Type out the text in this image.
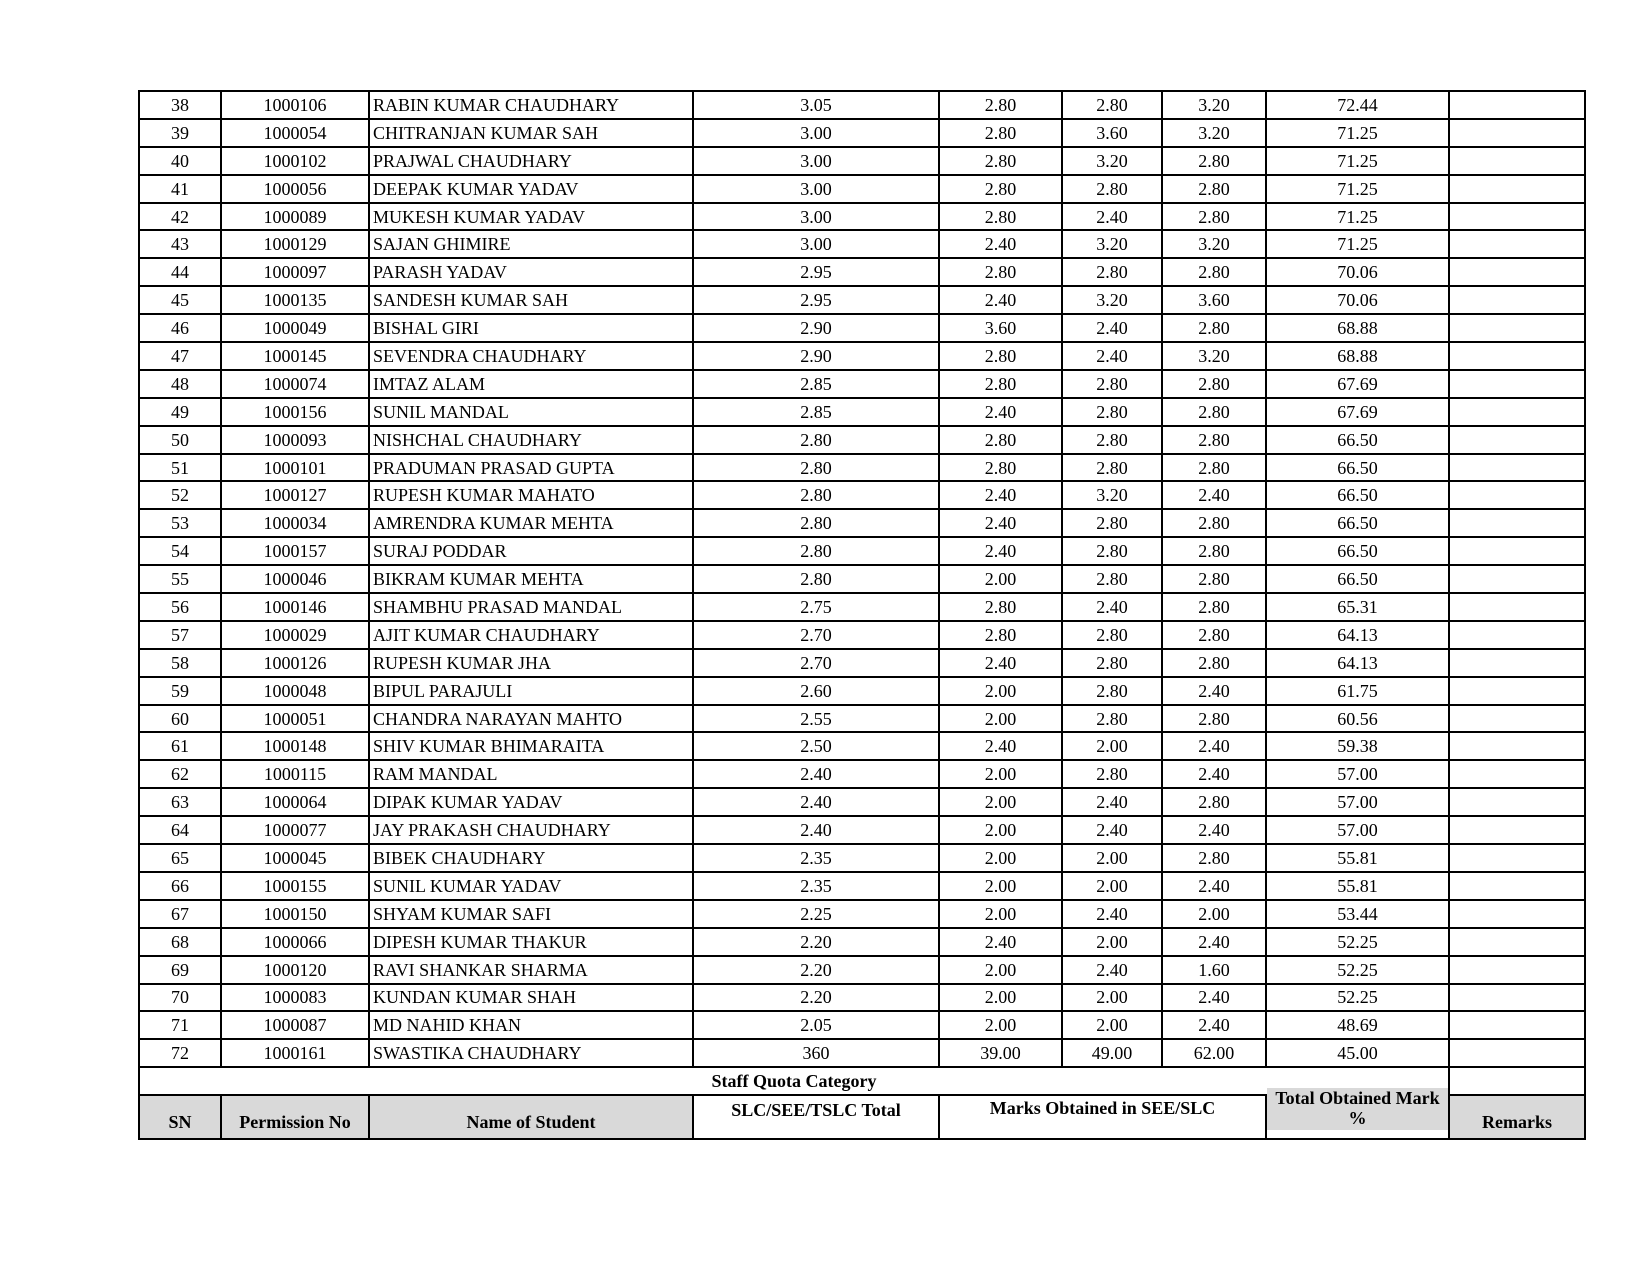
38	1000106	RABIN KUMAR CHAUDHARY	3.05	2.80	2.80	3.20	72.44	
39	1000054	CHITRANJAN KUMAR SAH	3.00	2.80	3.60	3.20	71.25	
40	1000102	PRAJWAL CHAUDHARY	3.00	2.80	3.20	2.80	71.25	
41	1000056	DEEPAK KUMAR YADAV	3.00	2.80	2.80	2.80	71.25	
42	1000089	MUKESH KUMAR YADAV	3.00	2.80	2.40	2.80	71.25	
43	1000129	SAJAN GHIMIRE	3.00	2.40	3.20	3.20	71.25	
44	1000097	PARASH YADAV	2.95	2.80	2.80	2.80	70.06	
45	1000135	SANDESH KUMAR SAH	2.95	2.40	3.20	3.60	70.06	
46	1000049	BISHAL GIRI	2.90	3.60	2.40	2.80	68.88	
47	1000145	SEVENDRA CHAUDHARY	2.90	2.80	2.40	3.20	68.88	
48	1000074	IMTAZ ALAM	2.85	2.80	2.80	2.80	67.69	
49	1000156	SUNIL MANDAL	2.85	2.40	2.80	2.80	67.69	
50	1000093	NISHCHAL CHAUDHARY	2.80	2.80	2.80	2.80	66.50	
51	1000101	PRADUMAN PRASAD GUPTA	2.80	2.80	2.80	2.80	66.50	
52	1000127	RUPESH KUMAR MAHATO	2.80	2.40	3.20	2.40	66.50	
53	1000034	AMRENDRA KUMAR MEHTA	2.80	2.40	2.80	2.80	66.50	
54	1000157	SURAJ PODDAR	2.80	2.40	2.80	2.80	66.50	
55	1000046	BIKRAM KUMAR MEHTA	2.80	2.00	2.80	2.80	66.50	
56	1000146	SHAMBHU PRASAD MANDAL	2.75	2.80	2.40	2.80	65.31	
57	1000029	AJIT KUMAR CHAUDHARY	2.70	2.80	2.80	2.80	64.13	
58	1000126	RUPESH KUMAR JHA	2.70	2.40	2.80	2.80	64.13	
59	1000048	BIPUL PARAJULI	2.60	2.00	2.80	2.40	61.75	
60	1000051	CHANDRA NARAYAN MAHTO	2.55	2.00	2.80	2.80	60.56	
61	1000148	SHIV KUMAR BHIMARAITA	2.50	2.40	2.00	2.40	59.38	
62	1000115	RAM MANDAL	2.40	2.00	2.80	2.40	57.00	
63	1000064	DIPAK KUMAR YADAV	2.40	2.00	2.40	2.80	57.00	
64	1000077	JAY PRAKASH CHAUDHARY	2.40	2.00	2.40	2.40	57.00	
65	1000045	BIBEK CHAUDHARY	2.35	2.00	2.00	2.80	55.81	
66	1000155	SUNIL KUMAR YADAV	2.35	2.00	2.00	2.40	55.81	
67	1000150	SHYAM KUMAR SAFI	2.25	2.00	2.40	2.00	53.44	
68	1000066	DIPESH KUMAR THAKUR	2.20	2.40	2.00	2.40	52.25	
69	1000120	RAVI SHANKAR SHARMA	2.20	2.00	2.40	1.60	52.25	
70	1000083	KUNDAN KUMAR SHAH	2.20	2.00	2.00	2.40	52.25	
71	1000087	MD NAHID KHAN	2.05	2.00	2.00	2.40	48.69	
72	1000161	SWASTIKA CHAUDHARY	360	39.00	49.00	62.00	45.00	
Staff Quota Category								
SN	Permission No	Name of Student	SLC/SEE/TSLC Total	Marks Obtained in SEE/SLC			Total Obtained Mark %	Remarks
